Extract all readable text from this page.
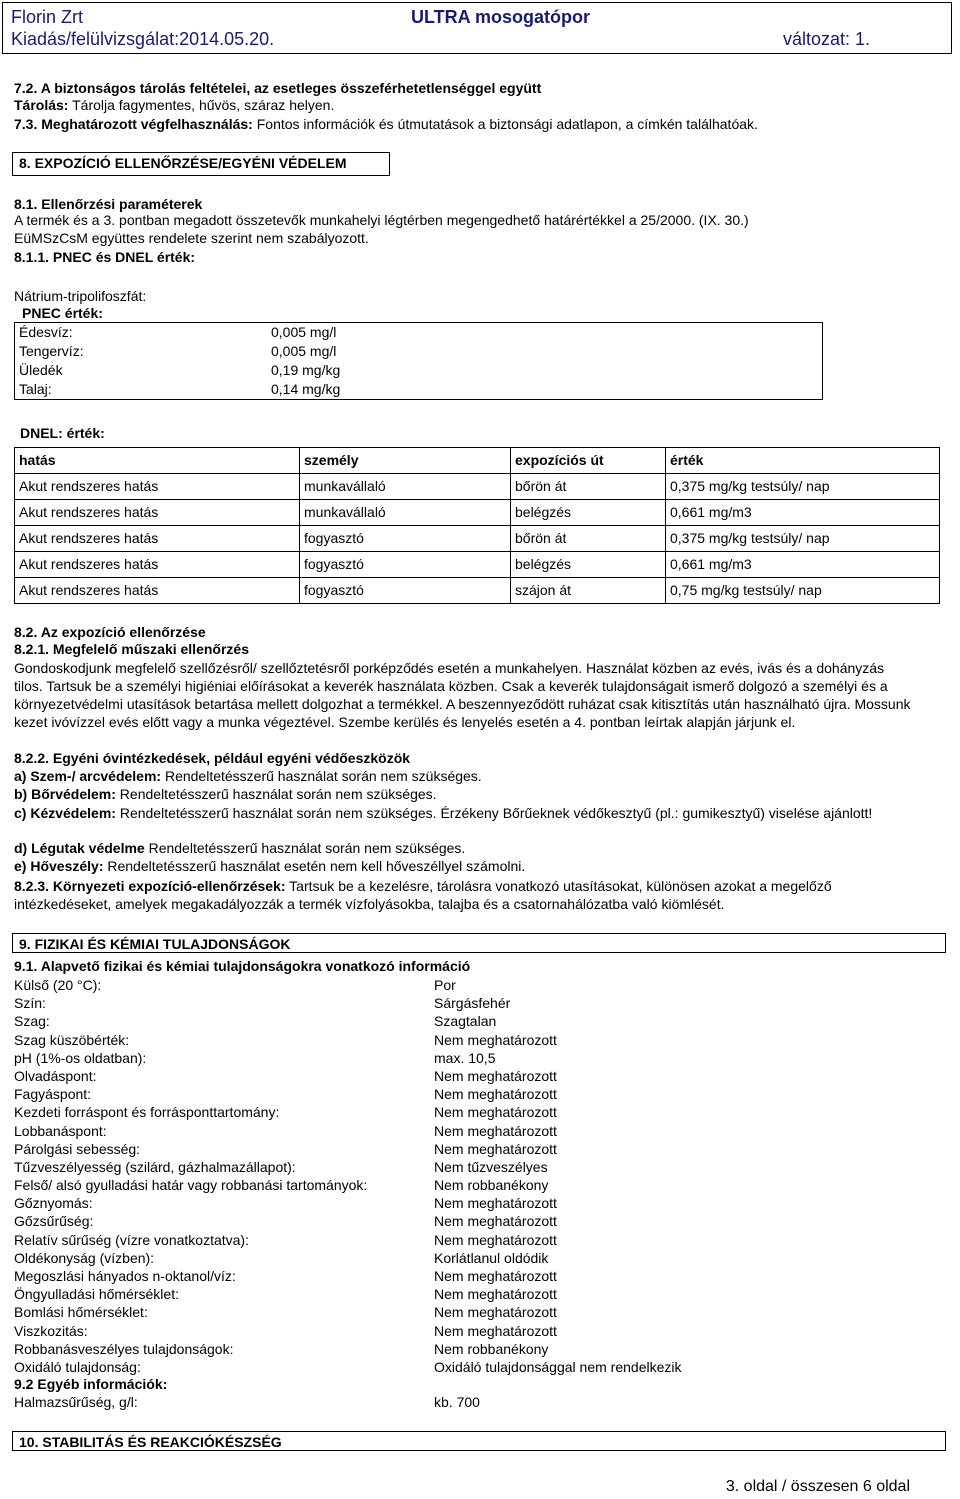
Florin Zrt	ULTRA mosogatópor
Kiadás/felülvizsgálat:2014.05.20.	változat: 1.
7.2. A biztonságos tárolás feltételei, az esetleges összeférhetetlenséggel együtt
Tárolás: Tárolja fagymentes, hűvös, száraz helyen.
7.3. Meghatározott végfelhasználás: Fontos információk és útmutatások a biztonsági adatlapon, a címkén találhatóak.
8. EXPOZÍCIÓ ELLENŐRZÉSE/EGYÉNI VÉDELEM
8.1. Ellenőrzési paraméterek
A termék és a 3. pontban megadott összetevők munkahelyi légtérben megengedhető határértékkel a 25/2000. (IX. 30.) EüMSzCsM együttes rendelete szerint nem szabályozott.
8.1.1. PNEC és DNEL érték:
Nátrium-tripolifoszfát:
PNEC érték:
Édesvíz:	0,005 mg/l
Tengervíz:	0,005 mg/l
Üledék	0,19 mg/kg
Talaj:	0,14 mg/kg
DNEL: érték:
hatás	személy	expozíciós út	érték
Akut rendszeres hatás	munkavállaló	bőrön át	0,375 mg/kg testsúly/ nap
Akut rendszeres hatás	munkavállaló	belégzés	0,661 mg/m3
Akut rendszeres hatás	fogyasztó	bőrön át	0,375 mg/kg testsúly/ nap
Akut rendszeres hatás	fogyasztó	belégzés	0,661 mg/m3
Akut rendszeres hatás	fogyasztó	szájon át	0,75 mg/kg testsúly/ nap
8.2. Az expozíció ellenőrzése
8.2.1. Megfelelő műszaki ellenőrzés
Gondoskodjunk megfelelő szellőzésről/ szellőztetésről porképződés esetén a munkahelyen. Használat közben az evés, ivás és a dohányzás tilos. Tartsuk be a személyi higiéniai előírásokat a keverék használata közben. Csak a keverék tulajdonságait ismerő dolgozó a személyi és a környezetvédelmi utasítások betartása mellett dolgozhat a termékkel. A beszennyeződött ruházat csak kitisztítás után használható újra. Mossunk kezet ivóvízzel evés előtt vagy a munka végeztével. Szembe kerülés és lenyelés esetén a 4. pontban leírtak alapján járjunk el.
8.2.2. Egyéni óvintézkedések, például egyéni védőeszközök
a) Szem-/ arcvédelem: Rendeltetésszerű használat során nem szükséges.
b) Bőrvédelem: Rendeltetésszerű használat során nem szükséges.
c) Kézvédelem: Rendeltetésszerű használat során nem szükséges. Érzékeny Bőrűeknek védőkesztyű (pl.: gumikesztyű) viselése ajánlott!
d) Légutak védelme Rendeltetésszerű használat során nem szükséges.
e) Hőveszély: Rendeltetésszerű használat esetén nem kell hőveszéllyel számolni.
8.2.3. Környezeti expozíció-ellenőrzések: Tartsuk be a kezelésre, tárolásra vonatkozó utasításokat, különösen azokat a megelőző intézkedéseket, amelyek megakadályozzák a termék vízfolyásokba, talajba és a csatornahálózatba való kiömlését.
9. FIZIKAI ÉS KÉMIAI TULAJDONSÁGOK
9.1. Alapvető fizikai és kémiai tulajdonságokra vonatkozó információ
Külső (20 °C):	Por
Szín:	Sárgásfehér
Szag:	Szagtalan
Szag küszöbérték:	Nem meghatározott
pH (1%-os oldatban):	max. 10,5
Olvadáspont:	Nem meghatározott
Fagyáspont:	Nem meghatározott
Kezdeti forráspont és forrásponttartomány:	Nem meghatározott
Lobbanáspont:	Nem meghatározott
Párolgási sebesség:	Nem meghatározott
Tűzveszélyesség (szilárd, gázhalmazállapot):	Nem tűzveszélyes
Felső/ alsó gyulladási határ vagy robbanási tartományok:	Nem robbanékony
Gőznyomás:	Nem meghatározott
Gőzsűrűség:	Nem meghatározott
Relatív sűrűség (vízre vonatkoztatva):	Nem meghatározott
Oldékonyság (vízben):	Korlátlanul oldódik
Megoszlási hányados n-oktanol/víz:	Nem meghatározott
Öngyulladási hőmérséklet:	Nem meghatározott
Bomlási hőmérséklet:	Nem meghatározott
Viszkozitás:	Nem meghatározott
Robbanásveszélyes tulajdonságok:	Nem robbanékony
Oxidáló tulajdonság:	Oxidáló tulajdonsággal nem rendelkezik
9.2 Egyéb információk:
Halmazsűrűség, g/l:	kb. 700
10. STABILITÁS ÉS REAKCIÓKÉSZSÉG
3. oldal / összesen 6 oldal
